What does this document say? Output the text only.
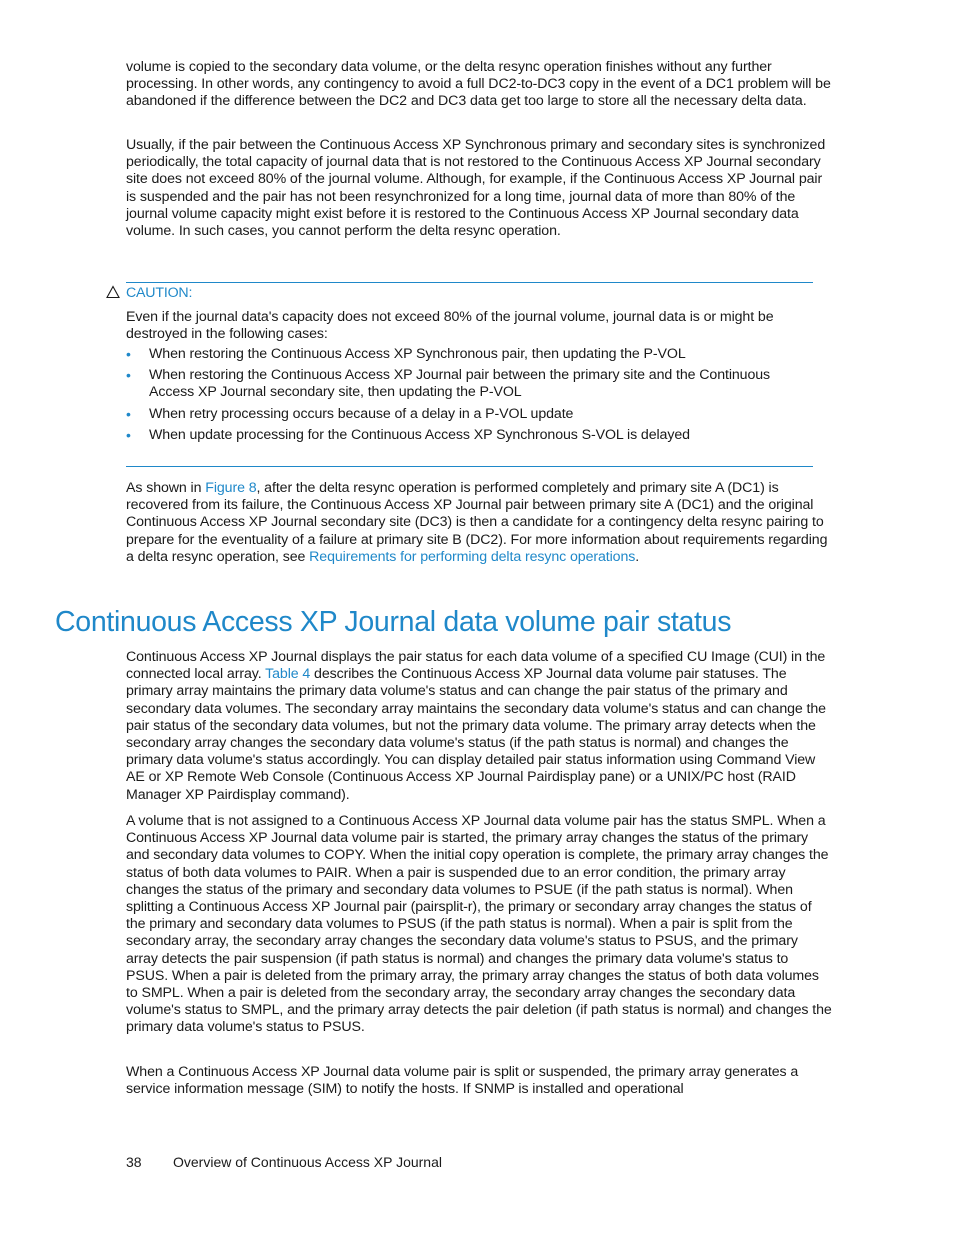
volume is copied to the secondary data volume, or the delta resync operation finishes without any further processing. In other words, any contingency to avoid a full DC2-to-DC3 copy in the event of a DC1 problem will be abandoned if the difference between the DC2 and DC3 data get too large to store all the necessary delta data.

Usually, if the pair between the Continuous Access XP Synchronous primary and secondary sites is synchronized periodically, the total capacity of journal data that is not restored to the Continuous Access XP Journal secondary site does not exceed 80% of the journal volume. Although, for example, if the Continuous Access XP Journal pair is suspended and the pair has not been resynchronized for a long time, journal data of more than 80% of the journal volume capacity might exist before it is restored to the Continuous Access XP Journal secondary data volume. In such cases, you cannot perform the delta resync operation.

CAUTION:

Even if the journal data's capacity does not exceed 80% of the journal volume, journal data is or might be destroyed in the following cases:

• When restoring the Continuous Access XP Synchronous pair, then updating the P-VOL
• When restoring the Continuous Access XP Journal pair between the primary site and the Continuous Access XP Journal secondary site, then updating the P-VOL
• When retry processing occurs because of a delay in a P-VOL update
• When update processing for the Continuous Access XP Synchronous S-VOL is delayed

As shown in Figure 8, after the delta resync operation is performed completely and primary site A (DC1) is recovered from its failure, the Continuous Access XP Journal pair between primary site A (DC1) and the original Continuous Access XP Journal secondary site (DC3) is then a candidate for a contingency delta resync pairing to prepare for the eventuality of a failure at primary site B (DC2). For more information about requirements regarding a delta resync operation, see Requirements for performing delta resync operations.

Continuous Access XP Journal data volume pair status

Continuous Access XP Journal displays the pair status for each data volume of a specified CU Image (CUI) in the connected local array. Table 4 describes the Continuous Access XP Journal data volume pair statuses. The primary array maintains the primary data volume's status and can change the pair status of the primary and secondary data volumes. The secondary array maintains the secondary data volume's status and can change the pair status of the secondary data volumes, but not the primary data volume. The primary array detects when the secondary array changes the secondary data volume's status (if the path status is normal) and changes the primary data volume's status accordingly. You can display detailed pair status information using Command View AE or XP Remote Web Console (Continuous Access XP Journal Pairdisplay pane) or a UNIX/PC host (RAID Manager XP Pairdisplay command).

A volume that is not assigned to a Continuous Access XP Journal data volume pair has the status SMPL. When a Continuous Access XP Journal data volume pair is started, the primary array changes the status of the primary and secondary data volumes to COPY. When the initial copy operation is complete, the primary array changes the status of both data volumes to PAIR. When a pair is suspended due to an error condition, the primary array changes the status of the primary and secondary data volumes to PSUE (if the path status is normal). When splitting a Continuous Access XP Journal pair (pairsplit-r), the primary or secondary array changes the status of the primary and secondary data volumes to PSUS (if the path status is normal). When a pair is split from the secondary array, the secondary array changes the secondary data volume's status to PSUS, and the primary array detects the pair suspension (if path status is normal) and changes the primary data volume's status to PSUS. When a pair is deleted from the primary array, the primary array changes the status of both data volumes to SMPL. When a pair is deleted from the secondary array, the secondary array changes the secondary data volume's status to SMPL, and the primary array detects the pair deletion (if path status is normal) and changes the primary data volume's status to PSUS.

When a Continuous Access XP Journal data volume pair is split or suspended, the primary array generates a service information message (SIM) to notify the hosts. If SNMP is installed and operational

38 Overview of Continuous Access XP Journal
